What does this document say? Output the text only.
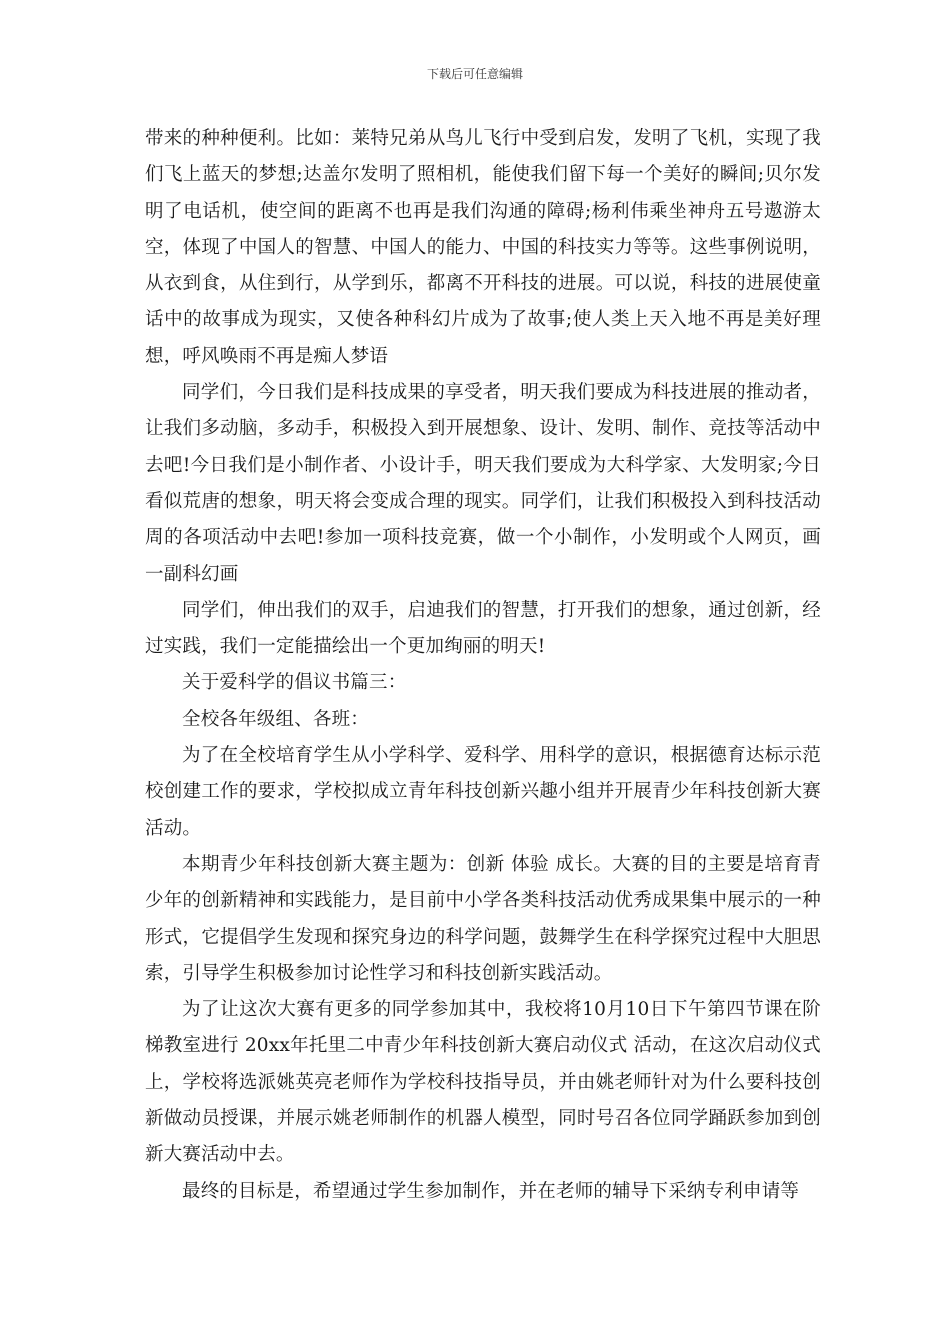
下载后可任意编辑

带来的种种便利。比如：莱特兄弟从鸟儿飞行中受到启发，发明了飞机，实现了我们飞上蓝天的梦想;达盖尔发明了照相机，能使我们留下每一个美好的瞬间;贝尔发明了电话机，使空间的距离不也再是我们沟通的障碍;杨利伟乘坐神舟五号遨游太空，体现了中国人的智慧、中国人的能力、中国的科技实力等等。这些事例说明，从衣到食，从住到行，从学到乐，都离不开科技的进展。可以说，科技的进展使童话中的故事成为现实，又使各种科幻片成为了故事;使人类上天入地不再是美好理想，呼风唤雨不再是痴人梦语

同学们，今日我们是科技成果的享受者，明天我们要成为科技进展的推动者，让我们多动脑，多动手，积极投入到开展想象、设计、发明、制作、竞技等活动中去吧!今日我们是小制作者、小设计手，明天我们要成为大科学家、大发明家;今日看似荒唐的想象，明天将会变成合理的现实。同学们，让我们积极投入到科技活动周的各项活动中去吧!参加一项科技竞赛，做一个小制作，小发明或个人网页，画一副科幻画

同学们，伸出我们的双手，启迪我们的智慧，打开我们的想象，通过创新，经过实践，我们一定能描绘出一个更加绚丽的明天!

关于爱科学的倡议书篇三：

全校各年级组、各班：

为了在全校培育学生从小学科学、爱科学、用科学的意识，根据德育达标示范校创建工作的要求，学校拟成立青年科技创新兴趣小组并开展青少年科技创新大赛活动。

本期青少年科技创新大赛主题为：创新 体验 成长。大赛的目的主要是培育青少年的创新精神和实践能力，是目前中小学各类科技活动优秀成果集中展示的一种形式，它提倡学生发现和探究身边的科学问题，鼓舞学生在科学探究过程中大胆思索，引导学生积极参加讨论性学习和科技创新实践活动。

为了让这次大赛有更多的同学参加其中，我校将10月10日下午第四节课在阶梯教室进行 20xx年托里二中青少年科技创新大赛启动仪式 活动，在这次启动仪式上，学校将选派姚英亮老师作为学校科技指导员，并由姚老师针对为什么要科技创新做动员授课，并展示姚老师制作的机器人模型，同时号召各位同学踊跃参加到创新大赛活动中去。

最终的目标是，希望通过学生参加制作，并在老师的辅导下采纳专利申请等
